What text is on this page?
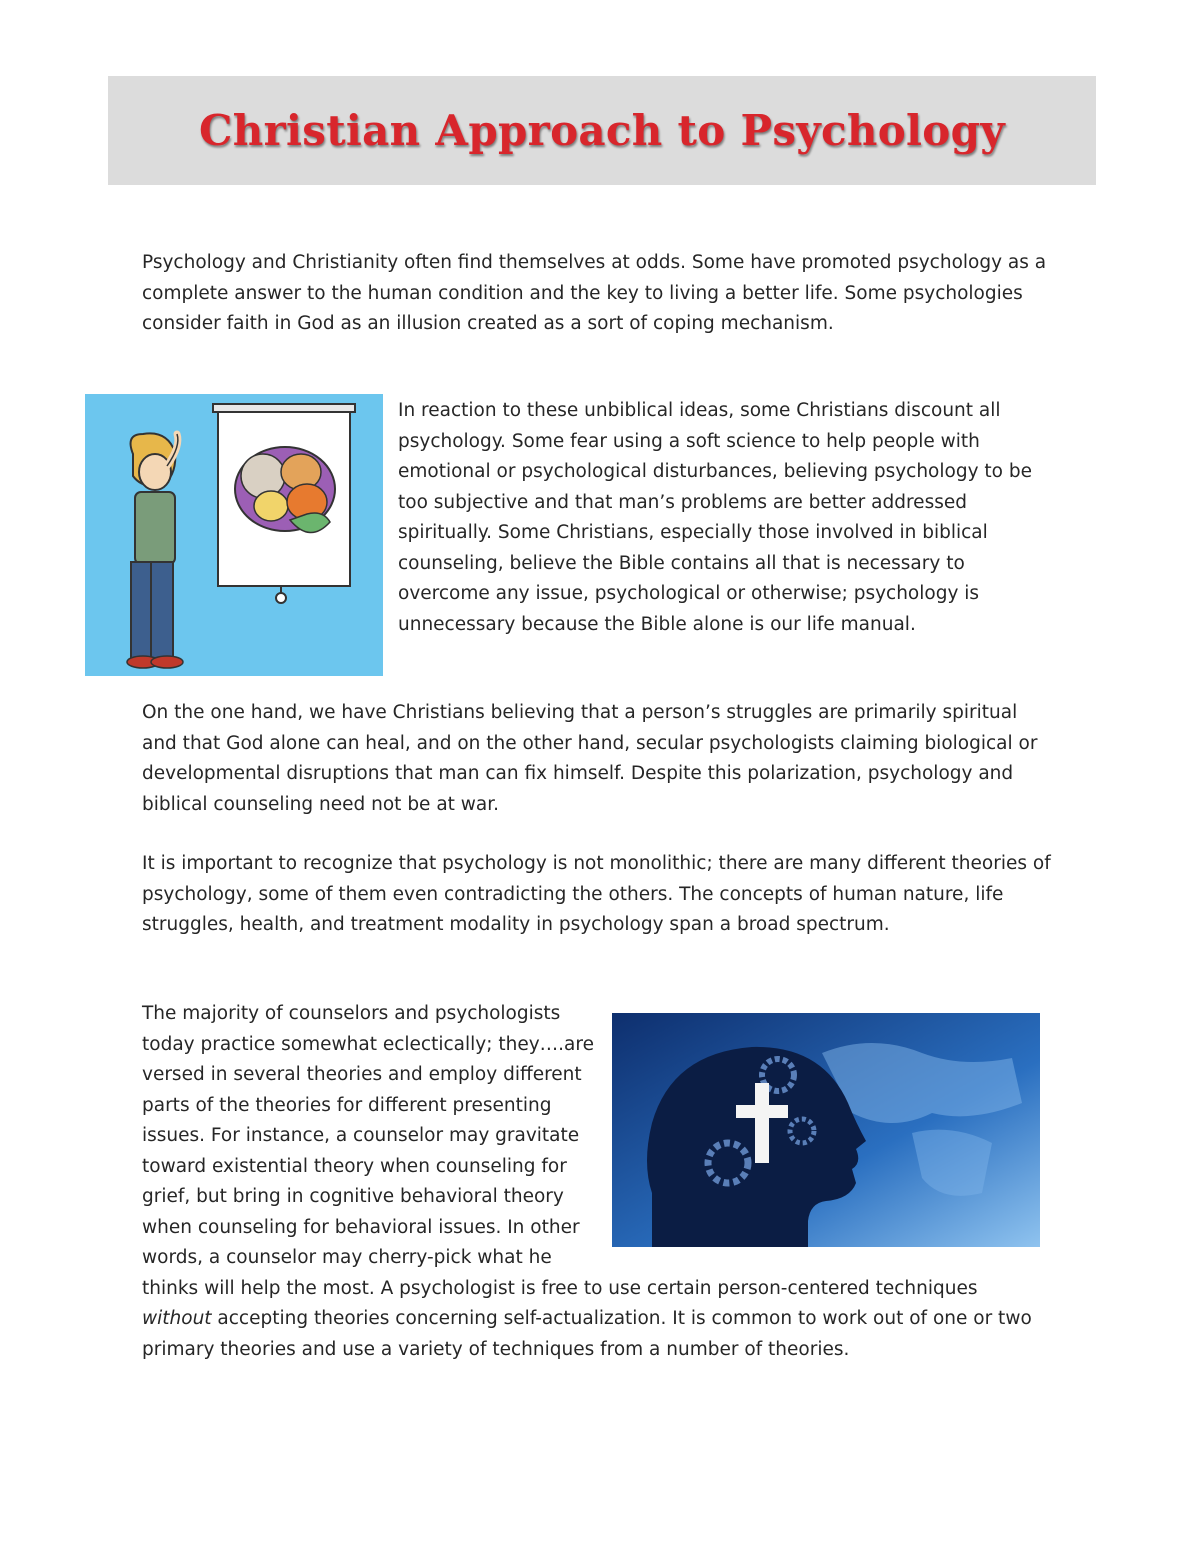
Christian Approach to Psychology

Psychology and Christianity often find themselves at odds. Some have promoted psychology as a complete answer to the human condition and the key to living a better life. Some psychologies consider faith in God as an illusion created as a sort of coping mechanism.

In reaction to these unbiblical ideas, some Christians discount all psychology. Some fear using a soft science to help people with emotional or psychological disturbances, believing psychology to be too subjective and that man’s problems are better addressed spiritually. Some Christians, especially those involved in biblical counseling, believe the Bible contains all that is necessary to overcome any issue, psychological or otherwise; psychology is unnecessary because the Bible alone is our life manual.

On the one hand, we have Christians believing that a person’s struggles are primarily spiritual and that God alone can heal, and on the other hand, secular psychologists claiming biological or developmental disruptions that man can fix himself. Despite this polarization, psychology and biblical counseling need not be at war.

It is important to recognize that psychology is not monolithic; there are many different theories of psychology, some of them even contradicting the others. The concepts of human nature, life struggles, health, and treatment modality in psychology span a broad spectrum.

The majority of counselors and psychologists today practice somewhat eclectically; they….are versed in several theories and employ different parts of the theories for different presenting issues. For instance, a counselor may gravitate toward existential theory when counseling for grief, but bring in cognitive behavioral theory when counseling for behavioral issues. In other words, a counselor may cherry-pick what he thinks will help the most. A psychologist is free to use certain person-centered techniques without accepting theories concerning self-actualization. It is common to work out of one or two primary theories and use a variety of techniques from a number of theories.
